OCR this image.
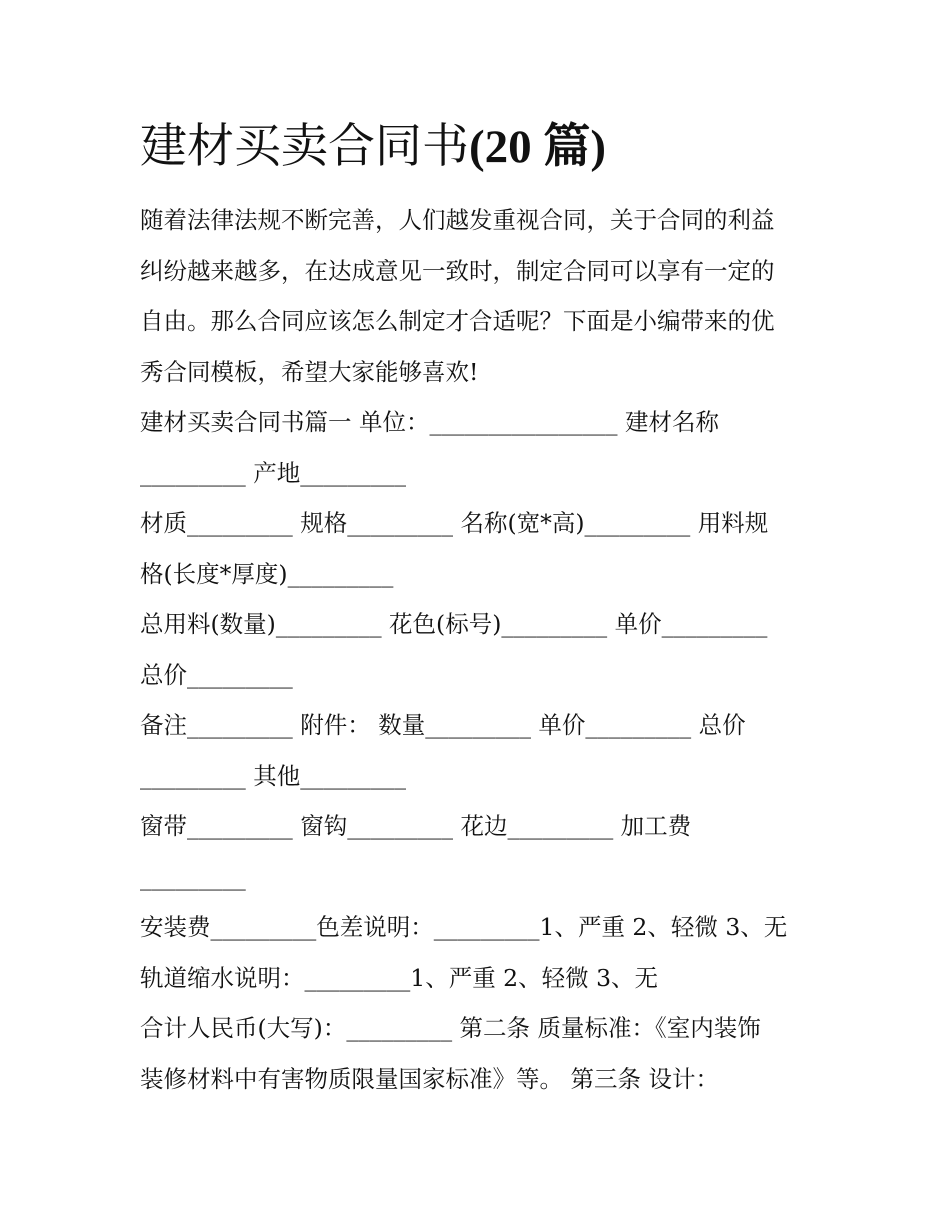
建材买卖合同书(20 篇)
随着法律法规不断完善，人们越发重视合同，关于合同的利益
纠纷越来越多，在达成意见一致时，制定合同可以享有一定的
自由。那么合同应该怎么制定才合适呢？下面是小编带来的优
秀合同模板，希望大家能够喜欢!
建材买卖合同书篇一 单位：________________ 建材名称
_________ 产地_________
材质_________ 规格_________ 名称(宽*高)_________ 用料规
格(长度*厚度)_________
总用料(数量)_________ 花色(标号)_________ 单价_________
总价_________
备注_________ 附件： 数量_________ 单价_________ 总价
_________ 其他_________
窗带_________ 窗钩_________ 花边_________ 加工费
_________
安装费_________色差说明：_________1、严重 2、轻微 3、无
轨道缩水说明：_________1、严重 2、轻微 3、无
合计人民币(大写)：_________ 第二条 质量标准：《室内装饰
装修材料中有害物质限量国家标准》等。 第三条 设计：
